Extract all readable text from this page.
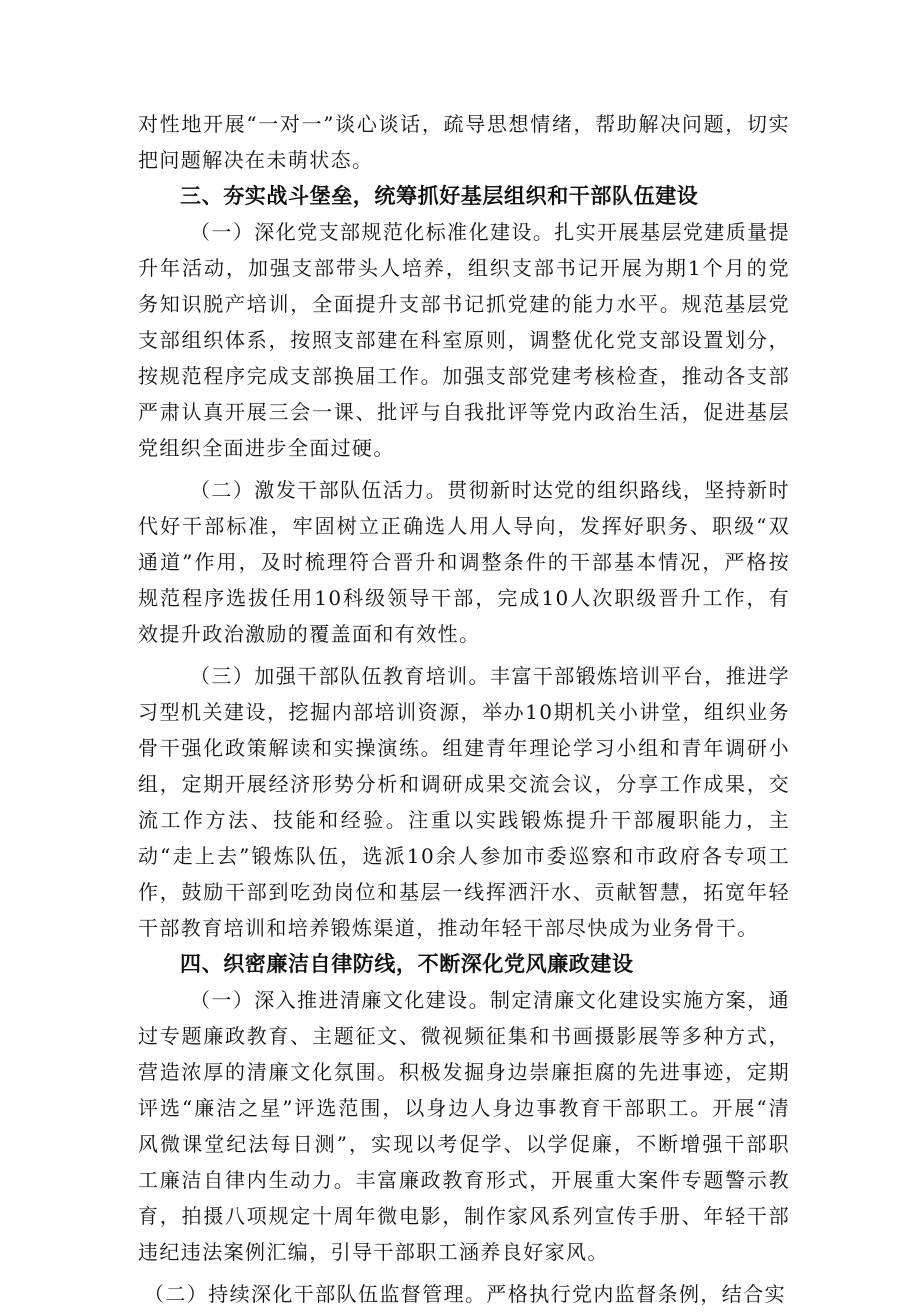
对性地开展“一对一”谈心谈话，疏导思想情绪，帮助解决问题，切实把问题解决在未萌状态。

三、夯实战斗堡垒，统筹抓好基层组织和干部队伍建设

（一）深化党支部规范化标准化建设。扎实开展基层党建质量提升年活动，加强支部带头人培养，组织支部书记开展为期1个月的党务知识脱产培训，全面提升支部书记抓党建的能力水平。规范基层党支部组织体系，按照支部建在科室原则，调整优化党支部设置划分，按规范程序完成支部换届工作。加强支部党建考核检查，推动各支部严肃认真开展三会一课、批评与自我批评等党内政治生活，促进基层党组织全面进步全面过硬。

（二）激发干部队伍活力。贯彻新时达党的组织路线，坚持新时代好干部标准，牢固树立正确选人用人导向，发挥好职务、职级“双通道”作用，及时梳理符合晋升和调整条件的干部基本情况，严格按规范程序选拔任用10科级领导干部，完成10人次职级晋升工作，有效提升政治激励的覆盖面和有效性。

（三）加强干部队伍教育培训。丰富干部锻炼培训平台，推进学习型机关建设，挖掘内部培训资源，举办10期机关小讲堂，组织业务骨干强化政策解读和实操演练。组建青年理论学习小组和青年调研小组，定期开展经济形势分析和调研成果交流会议，分享工作成果，交流工作方法、技能和经验。注重以实践锻炼提升干部履职能力，主动“走上去”锻炼队伍，选派10余人参加市委巡察和市政府各专项工作，鼓励干部到吃劲岗位和基层一线挥洒汗水、贡献智慧，拓宽年轻干部教育培训和培养锻炼渠道，推动年轻干部尽快成为业务骨干。

四、织密廉洁自律防线，不断深化党风廉政建设

（一）深入推进清廉文化建设。制定清廉文化建设实施方案，通过专题廉政教育、主题征文、微视频征集和书画摄影展等多种方式，营造浓厚的清廉文化氛围。积极发掘身边崇廉拒腐的先进事迹，定期评选“廉洁之星”评选范围，以身边人身边事教育干部职工。开展“清风微课堂纪法每日测”，实现以考促学、以学促廉，不断增强干部职工廉洁自律内生动力。丰富廉政教育形式，开展重大案件专题警示教育，拍摄八项规定十周年微电影，制作家风系列宣传手册、年轻干部违纪违法案例汇编，引导干部职工涵养良好家风。

（二）持续深化干部队伍监督管理。严格执行党内监督条例，结合实
